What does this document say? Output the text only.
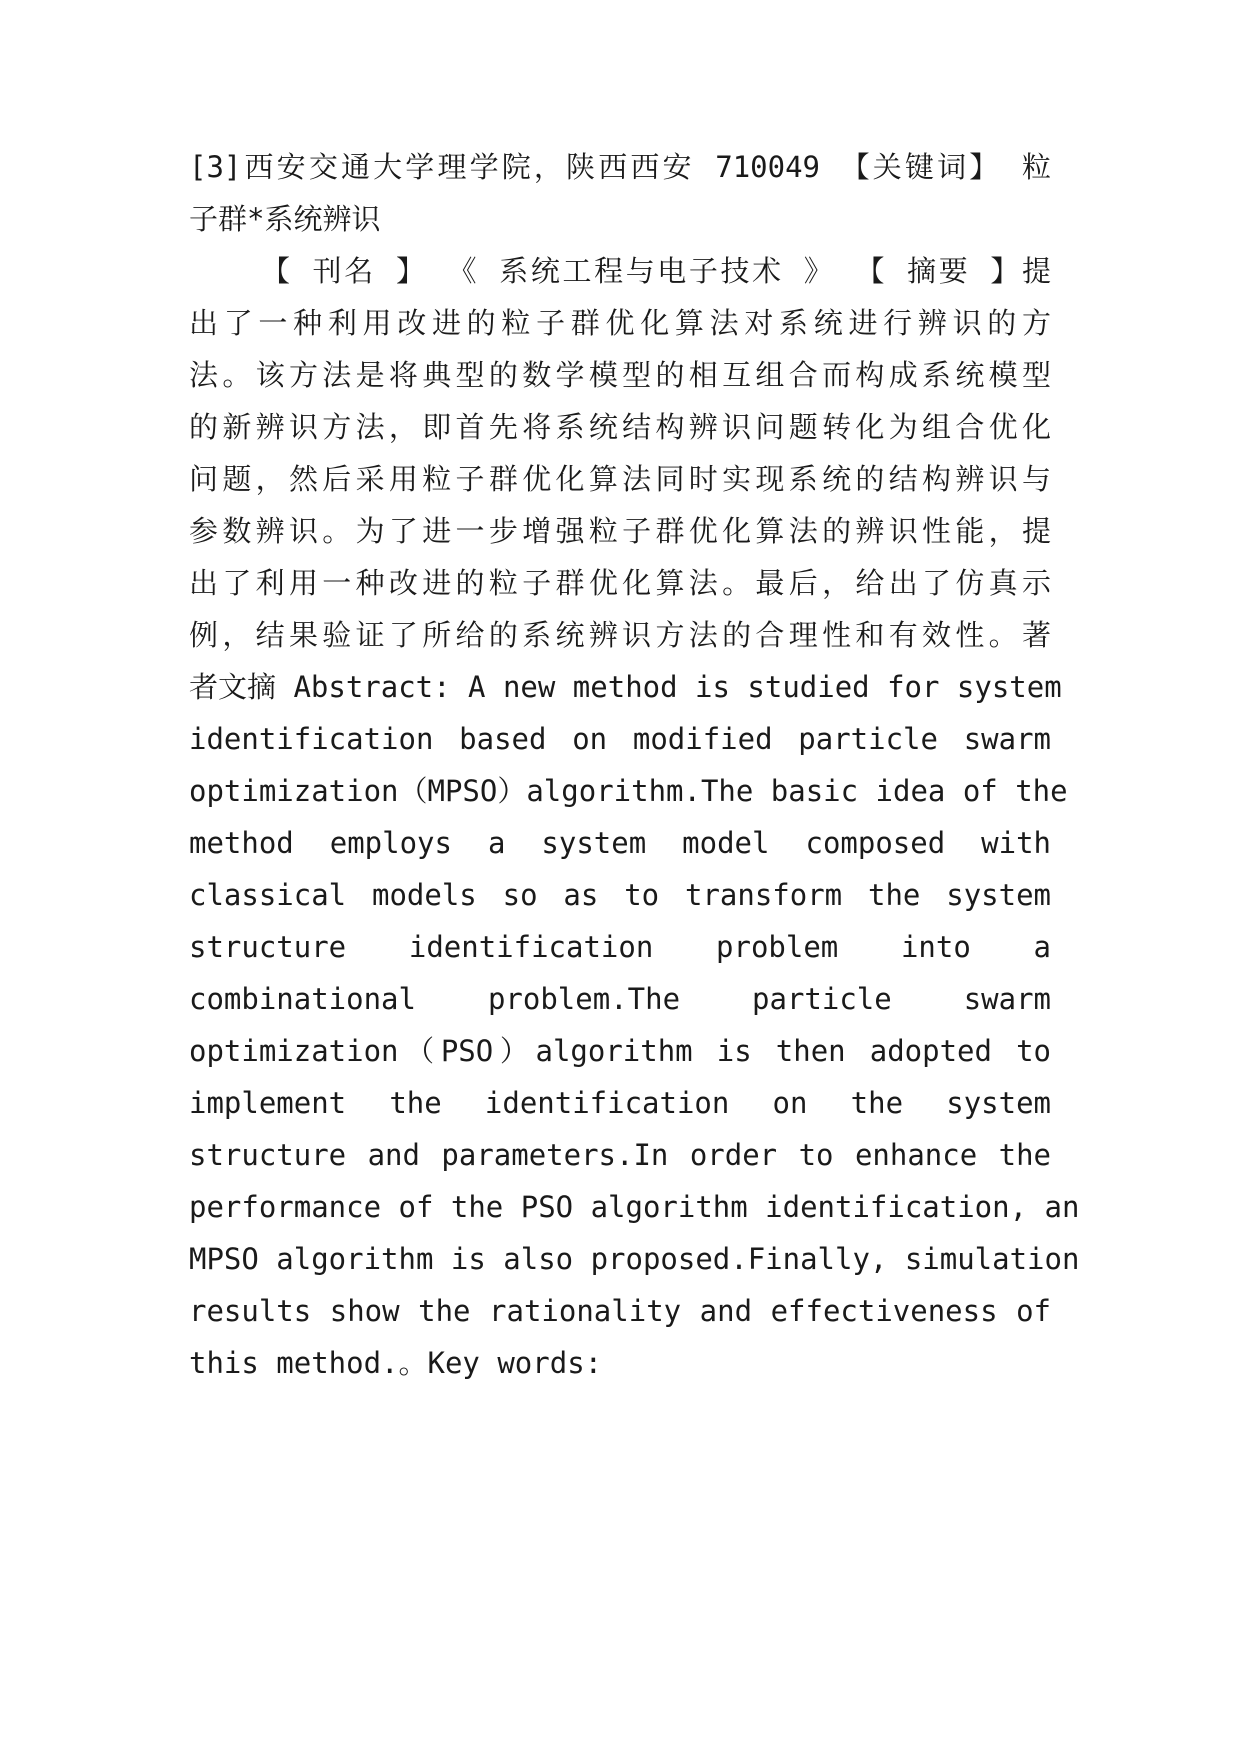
[3]西安交通大学理学院，陕西西安 710049 【关键词】 粒
子群*系统辨识
【 刊名 】 《 系统工程与电子技术 》 【 摘要 】提
出了一种利用改进的粒子群优化算法对系统进行辨识的方
法。该方法是将典型的数学模型的相互组合而构成系统模型
的新辨识方法，即首先将系统结构辨识问题转化为组合优化
问题，然后采用粒子群优化算法同时实现系统的结构辨识与
参数辨识。为了进一步增强粒子群优化算法的辨识性能，提
出了利用一种改进的粒子群优化算法。最后，给出了仿真示
例，结果验证了所给的系统辨识方法的合理性和有效性。著
者文摘 Abstract: A new method is studied for system
identification based on modified particle swarm
optimization（MPSO）algorithm.The basic idea of the
method employs a system model composed with
classical models so as to transform the system
structure identification problem into a
combinational problem.The particle swarm
optimization（PSO）algorithm is then adopted to
implement the identification on the system
structure and parameters.In order to enhance the
performance of the PSO algorithm identification, an
MPSO algorithm is also proposed.Finally, simulation
results show the rationality and effectiveness of
this method.。Key words:
